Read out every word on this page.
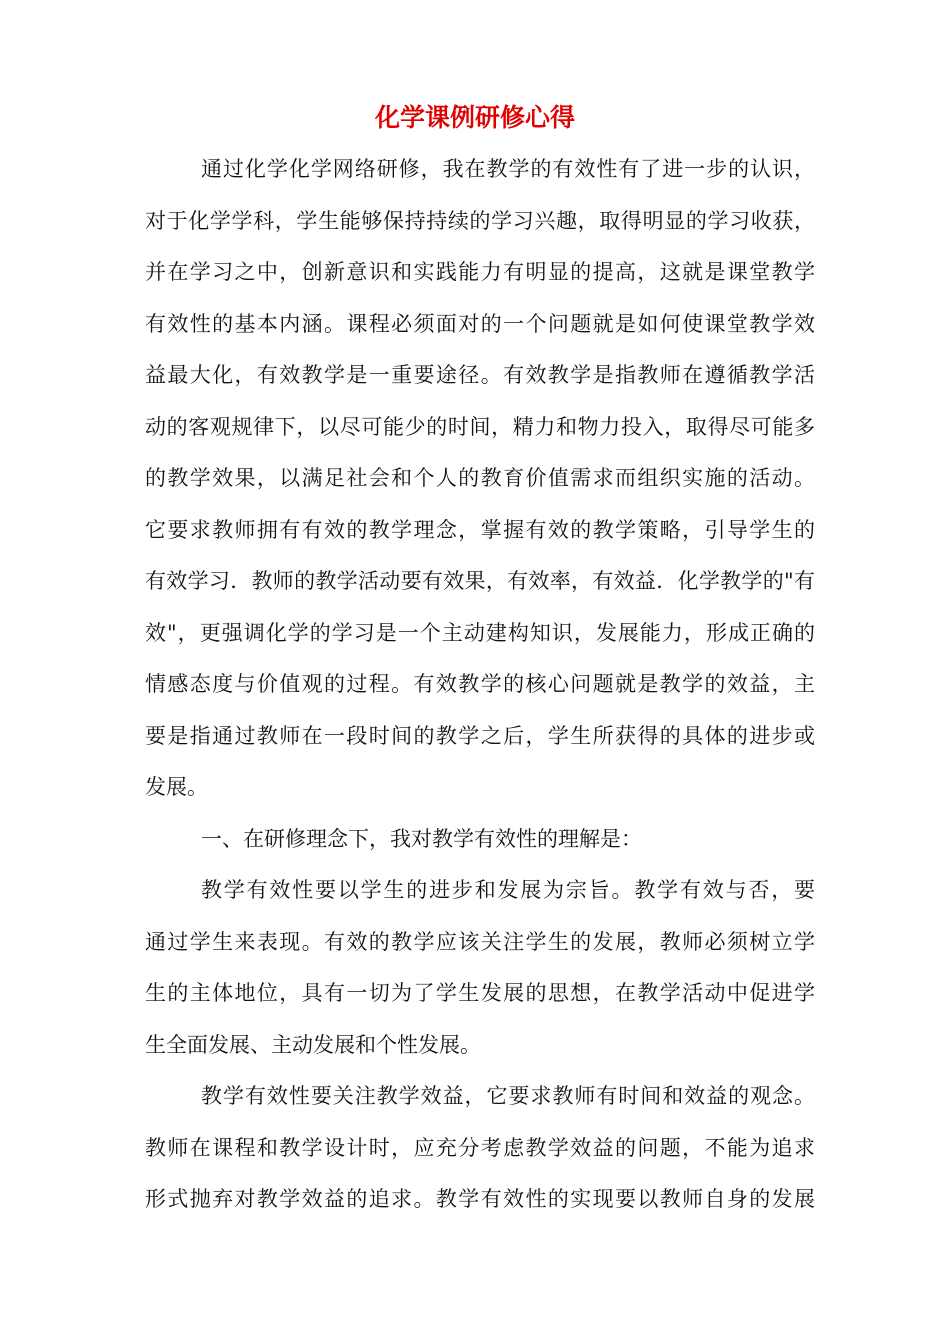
化学课例研修心得
通过化学化学网络研修，我在教学的有效性有了进一步的认识，
对于化学学科，学生能够保持持续的学习兴趣，取得明显的学习收获，
并在学习之中，创新意识和实践能力有明显的提高，这就是课堂教学
有效性的基本内涵。课程必须面对的一个问题就是如何使课堂教学效
益最大化，有效教学是一重要途径。有效教学是指教师在遵循教学活
动的客观规律下，以尽可能少的时间，精力和物力投入，取得尽可能多
的教学效果，以满足社会和个人的教育价值需求而组织实施的活动。
它要求教师拥有有效的教学理念，掌握有效的教学策略，引导学生的
有效学习．教师的教学活动要有效果，有效率，有效益．化学教学的"有
效"，更强调化学的学习是一个主动建构知识，发展能力，形成正确的
情感态度与价值观的过程。有效教学的核心问题就是教学的效益，主
要是指通过教师在一段时间的教学之后，学生所获得的具体的进步或
发展。
一、在研修理念下，我对教学有效性的理解是：
教学有效性要以学生的进步和发展为宗旨。教学有效与否，要
通过学生来表现。有效的教学应该关注学生的发展，教师必须树立学
生的主体地位，具有一切为了学生发展的思想，在教学活动中促进学
生全面发展、主动发展和个性发展。
教学有效性要关注教学效益，它要求教师有时间和效益的观念。
教师在课程和教学设计时，应充分考虑教学效益的问题，不能为追求
形式抛弃对教学效益的追求。教学有效性的实现要以教师自身的发展
